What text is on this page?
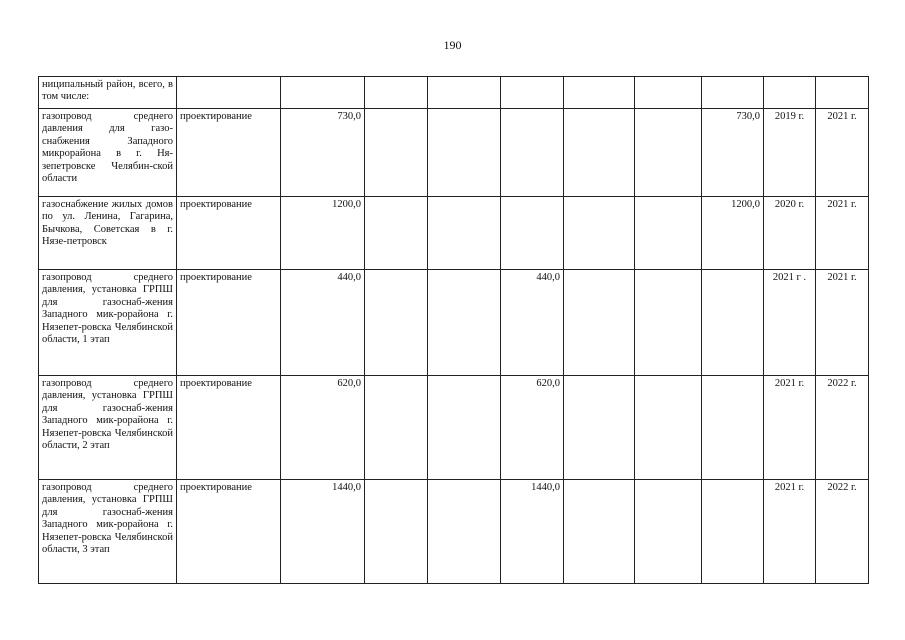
190
ниципальный район, всего, в том числе:										
газопровод среднего давления для газо-снабжения Западного микрорайона в г. Ня-зепетровске Челябин-ской области	проектирование	730,0						730,0	2019 г.	2021 г.
газоснабжение жилых домов по ул. Ленина, Гагарина, Бычкова, Советская в г. Нязе-петровск	проектирование	1200,0						1200,0	2020 г.	2021 г.
газопровод среднего давления, установка ГРПШ для газоснаб-жения Западного мик-рорайона г. Нязепет-ровска Челябинской области, 1 этап	проектирование	440,0			440,0				2021 г .	2021 г.
газопровод среднего давления, установка ГРПШ для газоснаб-жения Западного мик-рорайона г. Нязепет-ровска Челябинской области, 2 этап	проектирование	620,0			620,0				2021 г.	2022 г.
газопровод среднего давления, установка ГРПШ для газоснаб-жения Западного мик-рорайона г. Нязепет-ровска Челябинской области, 3 этап	проектирование	1440,0			1440,0				2021 г.	2022 г.
